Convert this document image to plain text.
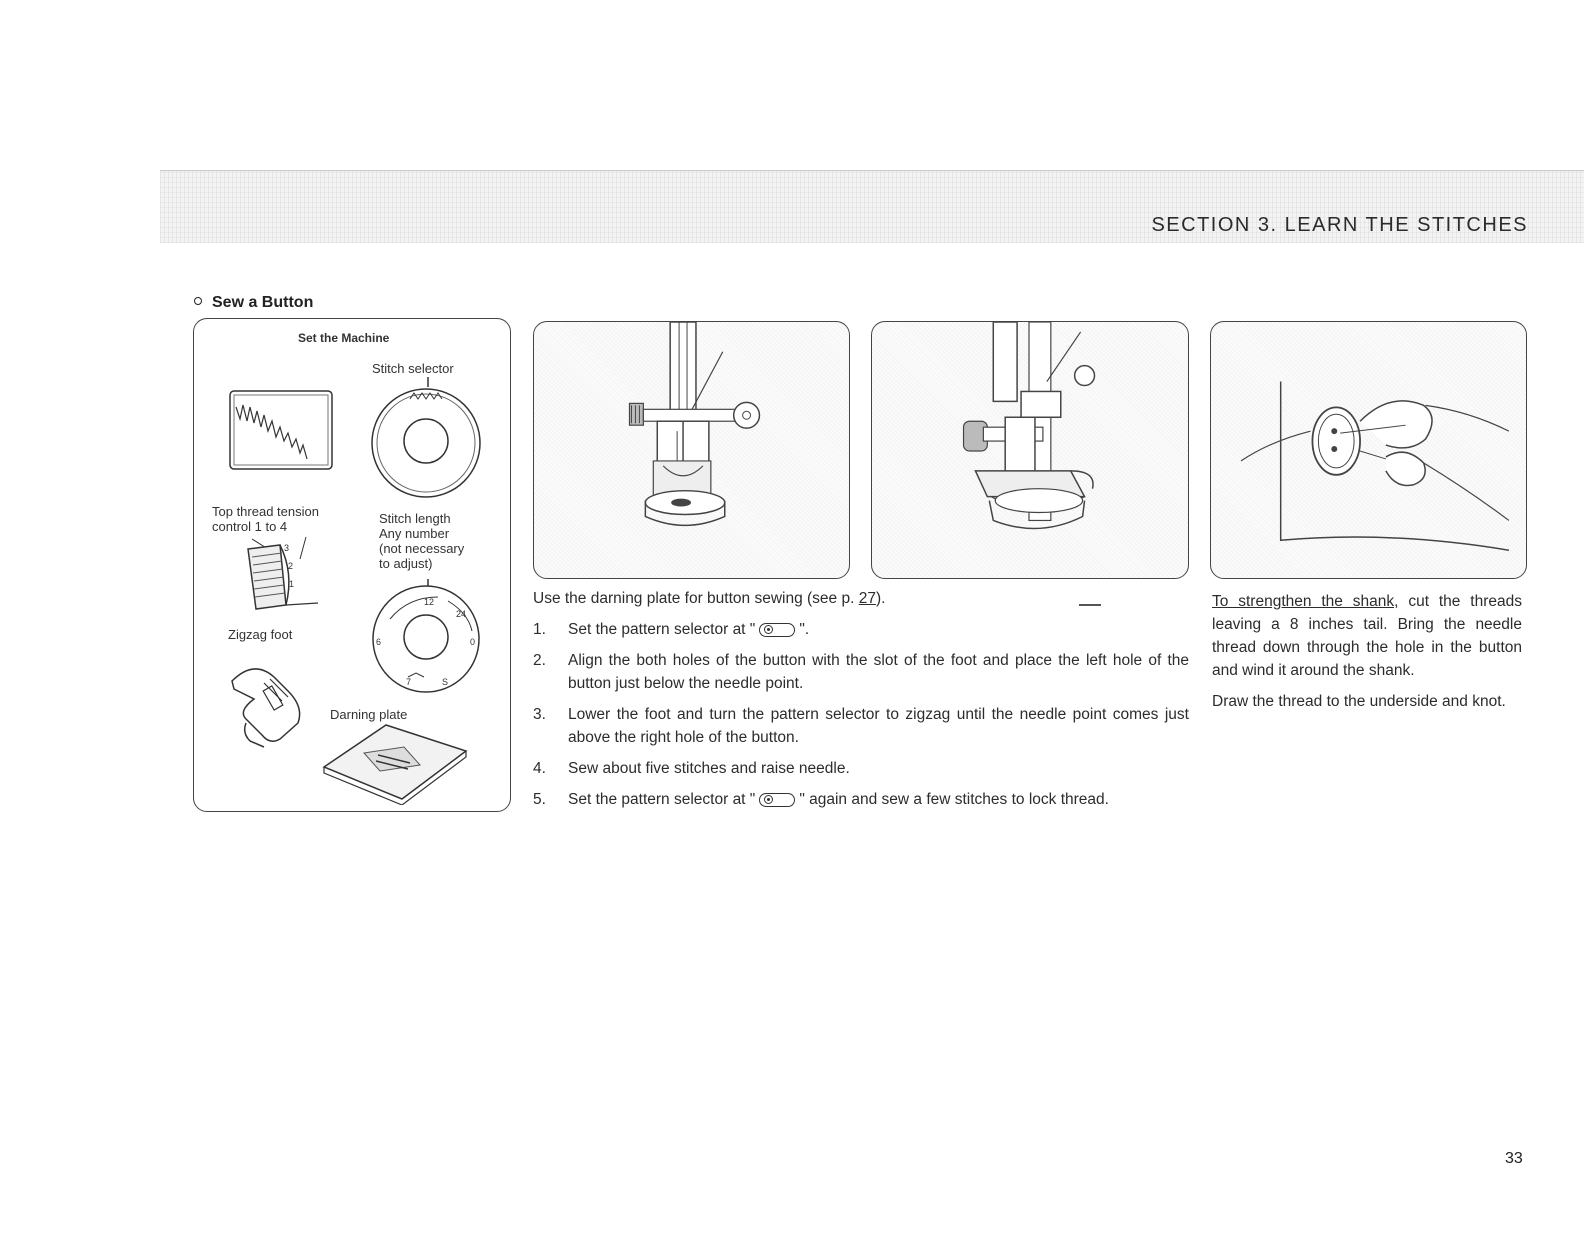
SECTION 3. LEARN THE STITCHES
Sew a Button
Set the Machine
Stitch selector
Top thread tension
control 1 to 4
Stitch length
Any number
(not necessary
to adjust)
3
2
1
12
24
0
S
6
7
Zigzag foot
Darning plate
Use the darning plate for button sewing (see p. 27).
1. Set the pattern selector at "	".
2. Align the both holes of the button with the slot of the foot and place the left hole of the button just below the needle point.
3. Lower the foot and turn the pattern selector to zigzag until the needle point comes just above the right hole of the button.
4. Sew about five stitches and raise needle.
5. Set the pattern selector at "	" again and sew a few stitches to lock thread.

To strengthen the shank, cut the threads leaving a 8 inches tail. Bring the needle thread down through the hole in the button and wind it around the shank.

Draw the thread to the underside and knot.

33
